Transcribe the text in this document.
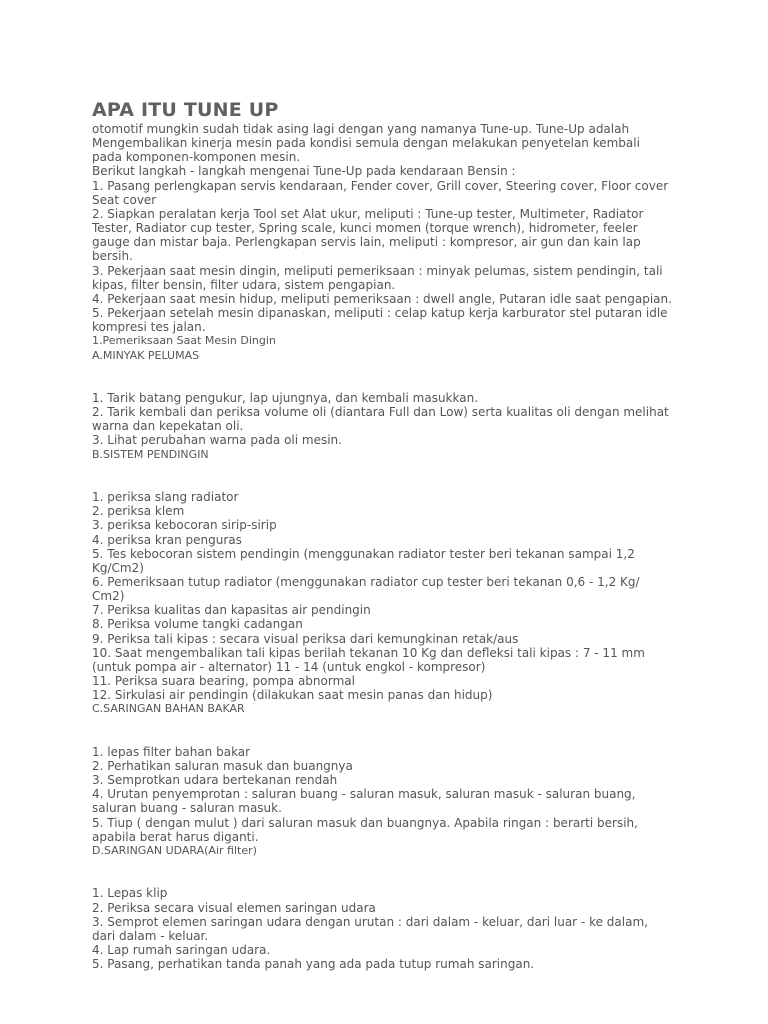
APA ITU TUNE UP

otomotif mungkin sudah tidak asing lagi dengan yang namanya Tune-up. Tune-Up adalah Mengembalikan kinerja mesin pada kondisi semula dengan melakukan penyetelan kembali pada komponen-komponen mesin.

Berikut langkah - langkah mengenai Tune-Up pada kendaraan Bensin :

1. Pasang perlengkapan servis kendaraan, Fender cover, Grill cover, Steering cover, Floor cover Seat cover

2. Siapkan peralatan kerja Tool set Alat ukur, meliputi : Tune-up tester, Multimeter, Radiator Tester, Radiator cup tester, Spring scale, kunci momen (torque wrench), hidrometer, feeler gauge dan mistar baja. Perlengkapan servis lain, meliputi : kompresor, air gun dan kain lap bersih.

3. Pekerjaan saat mesin dingin, meliputi pemeriksaan : minyak pelumas, sistem pendingin, tali kipas, filter bensin, filter udara, sistem pengapian.

4. Pekerjaan saat mesin hidup, meliputi pemeriksaan : dwell angle, Putaran idle saat pengapian.

5. Pekerjaan setelah mesin dipanaskan, meliputi : celap katup kerja karburator stel putaran idle kompresi tes jalan.

1.Pemeriksaan Saat Mesin Dingin

A.MINYAK PELUMAS

1. Tarik batang pengukur, lap ujungnya, dan kembali masukkan.

2. Tarik kembali dan periksa volume oli (diantara Full dan Low) serta kualitas oli dengan melihat warna dan kepekatan oli.

3. Lihat perubahan warna pada oli mesin.

B.SISTEM PENDINGIN

1. periksa slang radiator

2. periksa klem

3. periksa kebocoran sirip-sirip

4. periksa kran penguras

5. Tes kebocoran sistem pendingin (menggunakan radiator tester beri tekanan sampai 1,2 Kg/Cm2)

6. Pemeriksaan tutup radiator (menggunakan radiator cup tester beri tekanan 0,6 - 1,2 Kg/ Cm2)

7. Periksa kualitas dan kapasitas air pendingin

8. Periksa volume tangki cadangan

9. Periksa tali kipas : secara visual periksa dari kemungkinan retak/aus

10. Saat mengembalikan tali kipas berilah tekanan 10 Kg dan defleksi tali kipas : 7 - 11 mm (untuk pompa air - alternator) 11 - 14 (untuk engkol - kompresor)

11. Periksa suara bearing, pompa abnormal

12. Sirkulasi air pendingin (dilakukan saat mesin panas dan hidup)

C.SARINGAN BAHAN BAKAR

1. lepas filter bahan bakar

2. Perhatikan saluran masuk dan buangnya

3. Semprotkan udara bertekanan rendah

4. Urutan penyemprotan : saluran buang - saluran masuk, saluran masuk - saluran buang, saluran buang - saluran masuk.

5. Tiup ( dengan mulut ) dari saluran masuk dan buangnya. Apabila ringan : berarti bersih, apabila berat harus diganti.

D.SARINGAN UDARA(Air filter)

1. Lepas klip

2. Periksa secara visual elemen saringan udara

3. Semprot elemen saringan udara dengan urutan : dari dalam - keluar, dari luar - ke dalam, dari dalam - keluar.

4. Lap rumah saringan udara.

5. Pasang, perhatikan tanda panah yang ada pada tutup rumah saringan.
